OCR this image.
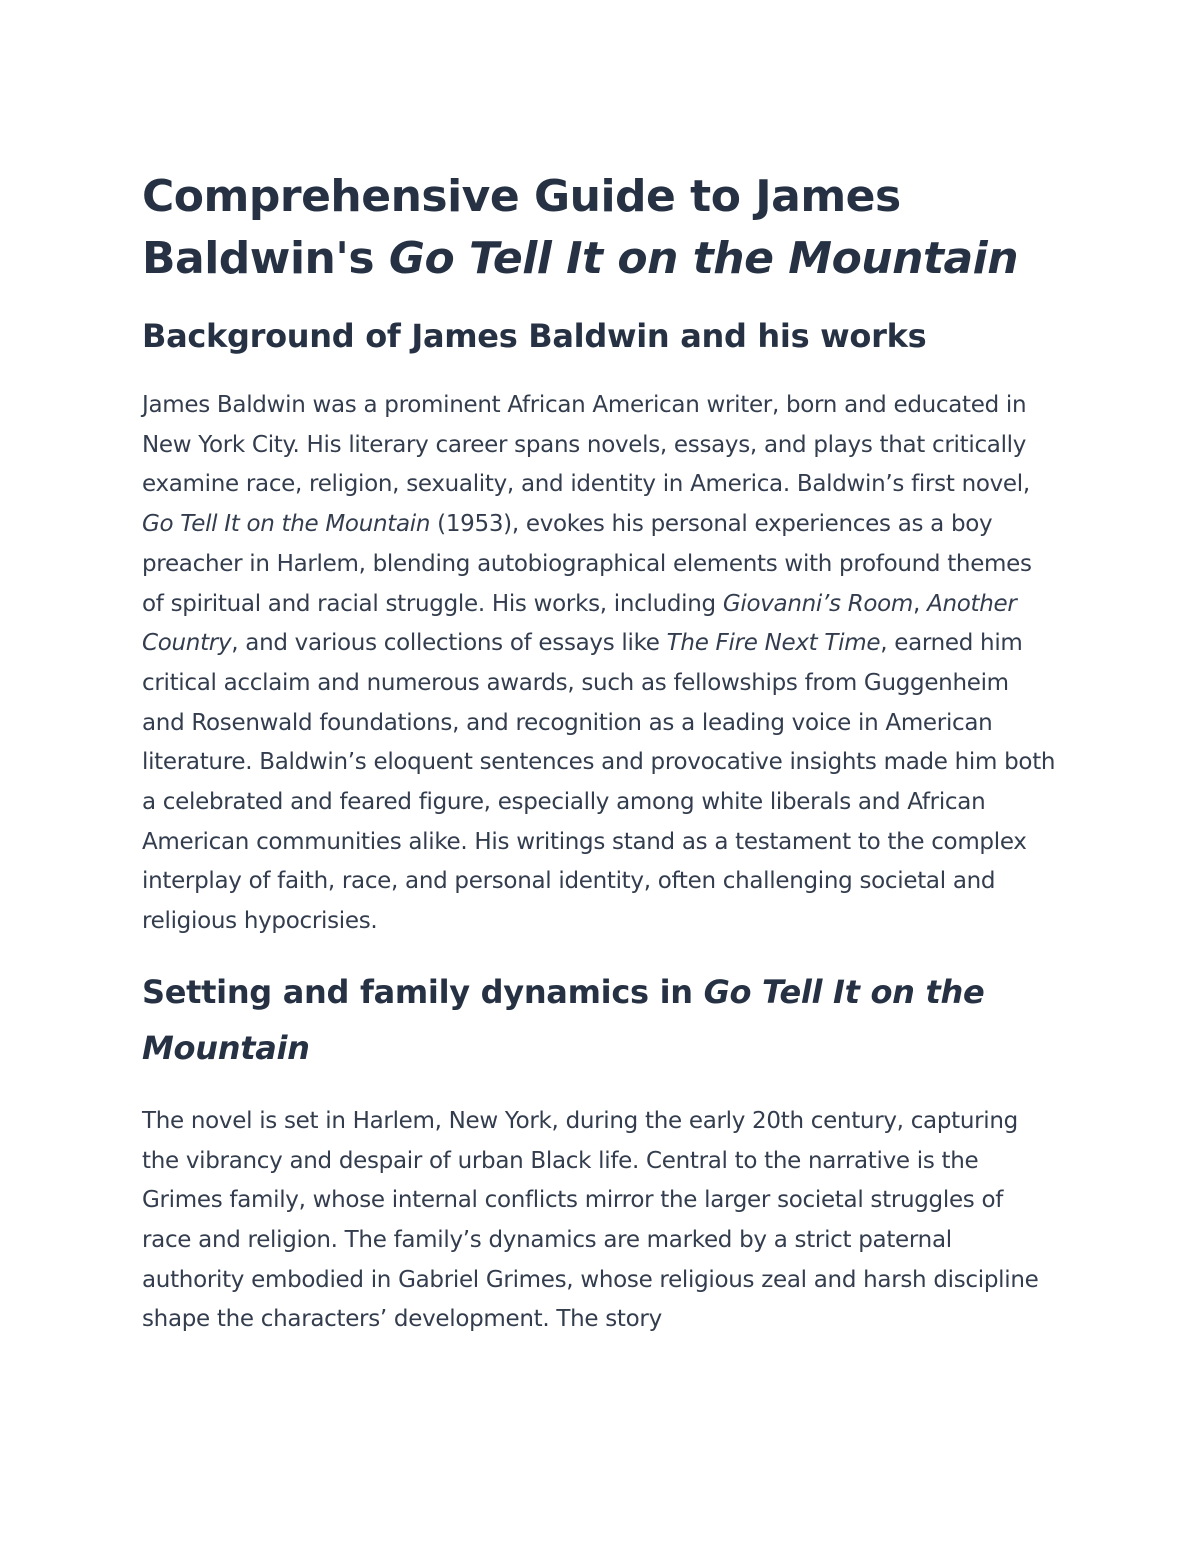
Comprehensive Guide to James Baldwin's Go Tell It on the Mountain
Background of James Baldwin and his works

James Baldwin was a prominent African American writer, born and educated in New York City. His literary career spans novels, essays, and plays that critically examine race, religion, sexuality, and identity in America. Baldwin’s first novel, Go Tell It on the Mountain (1953), evokes his personal experiences as a boy preacher in Harlem, blending autobiographical elements with profound themes of spiritual and racial struggle. His works, including Giovanni’s Room, Another Country, and various collections of essays like The Fire Next Time, earned him critical acclaim and numerous awards, such as fellowships from Guggenheim and Rosenwald foundations, and recognition as a leading voice in American literature. Baldwin’s eloquent sentences and provocative insights made him both a celebrated and feared figure, especially among white liberals and African American communities alike. His writings stand as a testament to the complex interplay of faith, race, and personal identity, often challenging societal and religious hypocrisies.

Setting and family dynamics in Go Tell It on the Mountain

The novel is set in Harlem, New York, during the early 20th century, capturing the vibrancy and despair of urban Black life. Central to the narrative is the Grimes family, whose internal conflicts mirror the larger societal struggles of race and religion. The family’s dynamics are marked by a strict paternal authority embodied in Gabriel Grimes, whose religious zeal and harsh discipline shape the characters’ development. The story
